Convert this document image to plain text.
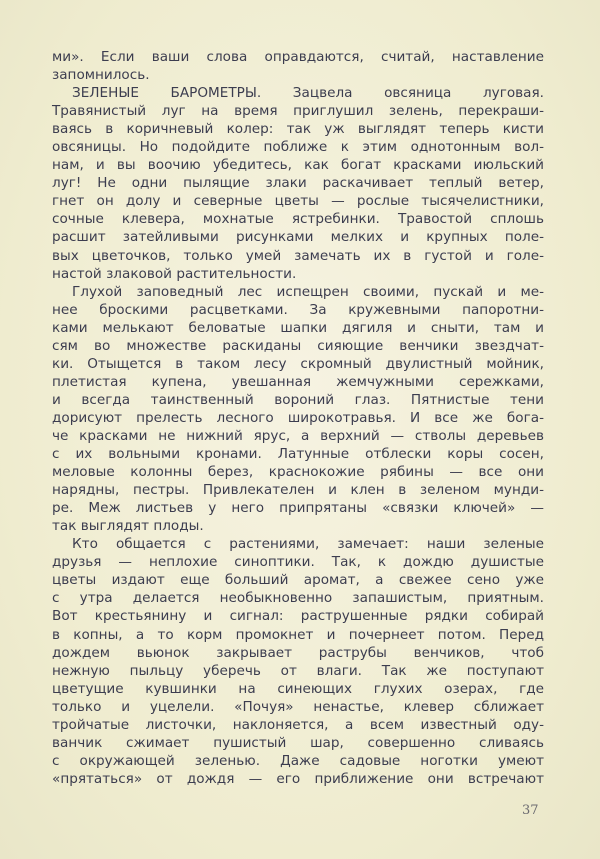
ми». Если ваши слова оправдаются, считай, наставление
запомнилось.
ЗЕЛЕНЫЕ БАРОМЕТРЫ. Зацвела овсяница луговая.
Травянистый луг на время приглушил зелень, перекраши-
ваясь в коричневый колер: так уж выглядят теперь кисти
овсяницы. Но подойдите поближе к этим однотонным вол-
нам, и вы воочию убедитесь, как богат красками июльский
луг! Не одни пылящие злаки раскачивает теплый ветер,
гнет он долу и северные цветы — рослые тысячелистники,
сочные клевера, мохнатые ястребинки. Травостой сплошь
расшит затейливыми рисунками мелких и крупных поле-
вых цветочков, только умей замечать их в густой и голе-
настой злаковой растительности.
Глухой заповедный лес испещрен своими, пускай и ме-
нее броскими расцветками. За кружевными папоротни-
ками мелькают беловатые шапки дягиля и сныти, там и
сям во множестве раскиданы сияющие венчики звездчат-
ки. Отыщется в таком лесу скромный двулистный мойник,
плетистая купена, увешанная жемчужными сережками,
и всегда таинственный вороний глаз. Пятнистые тени
дорисуют прелесть лесного широкотравья. И все же бога-
че красками не нижний ярус, а верхний — стволы деревьев
с их вольными кронами. Латунные отблески коры сосен,
меловые колонны берез, краснокожие рябины — все они
нарядны, пестры. Привлекателен и клен в зеленом мунди-
ре. Меж листьев у него припрятаны «связки ключей» —
так выглядят плоды.
Кто общается с растениями, замечает: наши зеленые
друзья — неплохие синоптики. Так, к дождю душистые
цветы издают еще больший аромат, а свежее сено уже
с утра делается необыкновенно запашистым, приятным.
Вот крестьянину и сигнал: раструшенные рядки собирай
в копны, а то корм промокнет и почернеет потом. Перед
дождем вьюнок закрывает раструбы венчиков, чтоб
нежную пыльцу уберечь от влаги. Так же поступают
цветущие кувшинки на синеющих глухих озерах, где
только и уцелели. «Почуя» ненастье, клевер сближает
тройчатые листочки, наклоняется, а всем известный оду-
ванчик сжимает пушистый шар, совершенно сливаясь
с окружающей зеленью. Даже садовые ноготки умеют
«прятаться» от дождя — его приближение они встречают
37
